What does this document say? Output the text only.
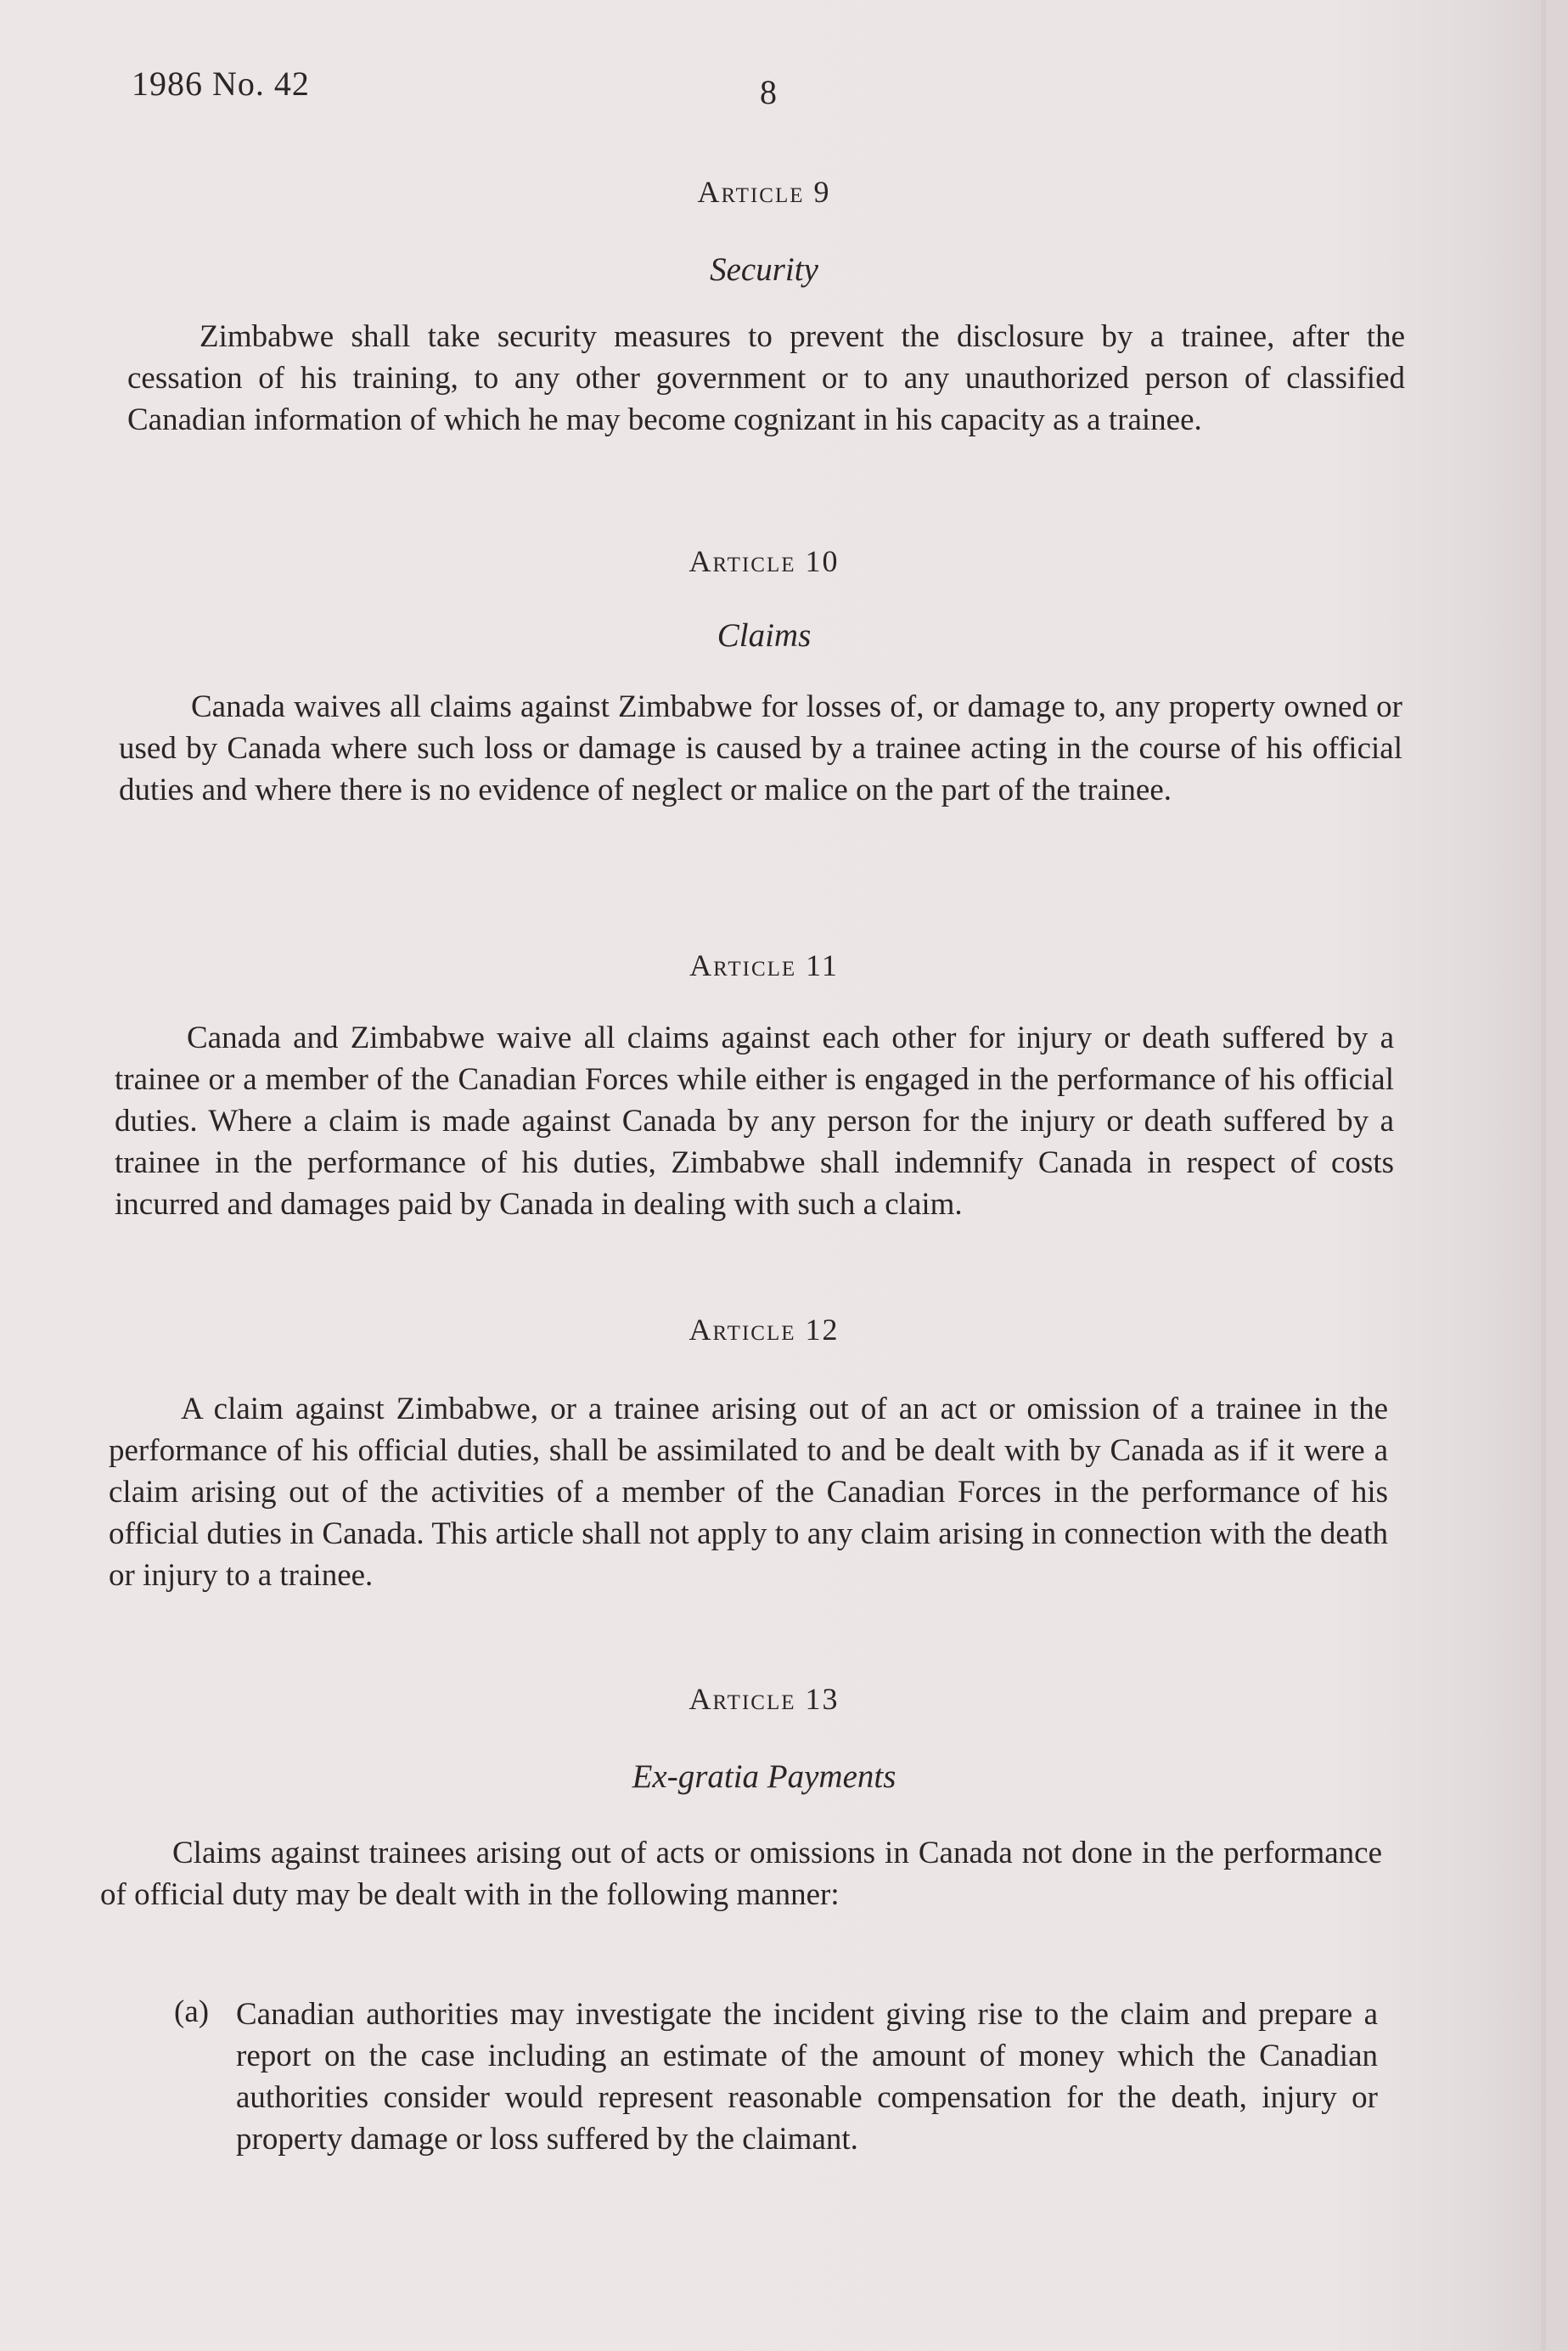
1986 No. 42	8
Article 9
Security

Zimbabwe shall take security measures to prevent the disclosure by a trainee, after the cessation of his training, to any other government or to any unauthorized person of classified Canadian information of which he may become cognizant in his capacity as a trainee.

Article 10
Claims

Canada waives all claims against Zimbabwe for losses of, or damage to, any property owned or used by Canada where such loss or damage is caused by a trainee acting in the course of his official duties and where there is no evidence of neglect or malice on the part of the trainee.

Article 11

Canada and Zimbabwe waive all claims against each other for injury or death suffered by a trainee or a member of the Canadian Forces while either is engaged in the performance of his official duties. Where a claim is made against Canada by any person for the injury or death suffered by a trainee in the performance of his duties, Zimbabwe shall indemnify Canada in respect of costs incurred and damages paid by Canada in dealing with such a claim.

Article 12

A claim against Zimbabwe, or a trainee arising out of an act or omission of a trainee in the performance of his official duties, shall be assimilated to and be dealt with by Canada as if it were a claim arising out of the activities of a member of the Canadian Forces in the performance of his official duties in Canada. This article shall not apply to any claim arising in connection with the death or injury to a trainee.

Article 13
Ex-gratia Payments

Claims against trainees arising out of acts or omissions in Canada not done in the performance of official duty may be dealt with in the following manner:

(a) Canadian authorities may investigate the incident giving rise to the claim and prepare a report on the case including an estimate of the amount of money which the Canadian authorities consider would represent reasonable compensation for the death, injury or property damage or loss suffered by the claimant.
